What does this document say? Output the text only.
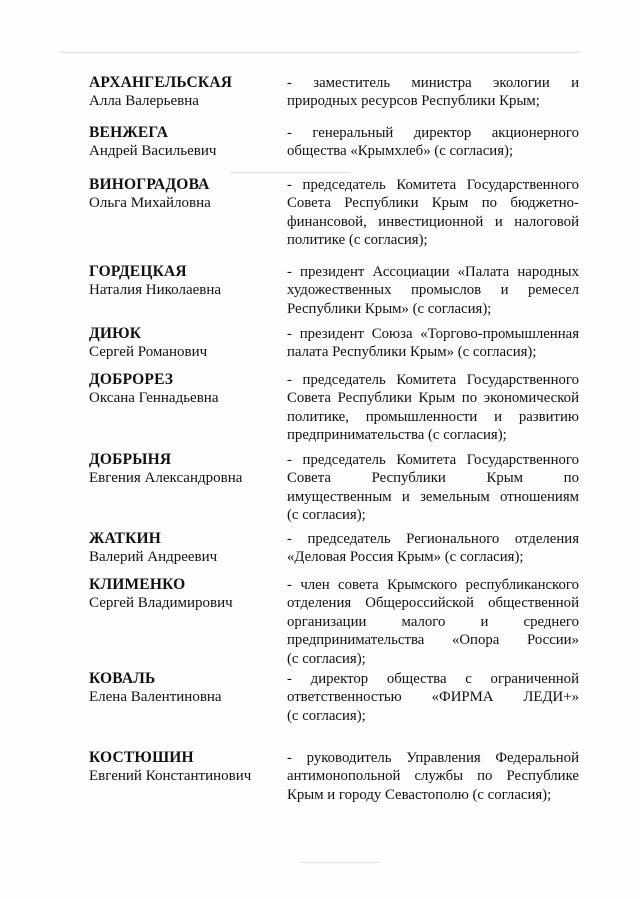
АРХАНГЕЛЬСКАЯ
Алла Валерьевна
- заместитель министра экологии и
природных ресурсов Республики Крым;
ВЕНЖЕГА
Андрей Васильевич
- генеральный директор акционерного
общества «Крымхлеб» (с согласия);
ВИНОГРАДОВА
Ольга Михайловна
- председатель Комитета Государственного
Совета Республики Крым по бюджетно-
финансовой, инвестиционной и налоговой
политике (с согласия);
ГОРДЕЦКАЯ
Наталия Николаевна
- президент Ассоциации «Палата народных
художественных промыслов и ремесел
Республики Крым» (с согласия);
ДИЮК
Сергей Романович
- президент Союза «Торгово-промышленная
палата Республики Крым» (с согласия);
ДОБРОРЕЗ
Оксана Геннадьевна
- председатель Комитета Государственного
Совета Республики Крым по экономической
политике, промышленности и развитию
предпринимательства (с согласия);
ДОБРЫНЯ
Евгения Александровна
- председатель Комитета Государственного
Совета Республики Крым по
имущественным и земельным отношениям
(с согласия);
ЖАТКИН
Валерий Андреевич
- председатель Регионального отделения
«Деловая Россия Крым» (с согласия);
КЛИМЕНКО
Сергей Владимирович
- член совета Крымского республиканского
отделения Общероссийской общественной
организации малого и среднего
предпринимательства «Опора России»
(с согласия);
КОВАЛЬ
Елена Валентиновна
- директор общества с ограниченной
ответственностью «ФИРМА ЛЕДИ+»
(с согласия);
КОСТЮШИН
Евгений Константинович
- руководитель Управления Федеральной
антимонопольной службы по Республике
Крым и городу Севастополю (с согласия);
